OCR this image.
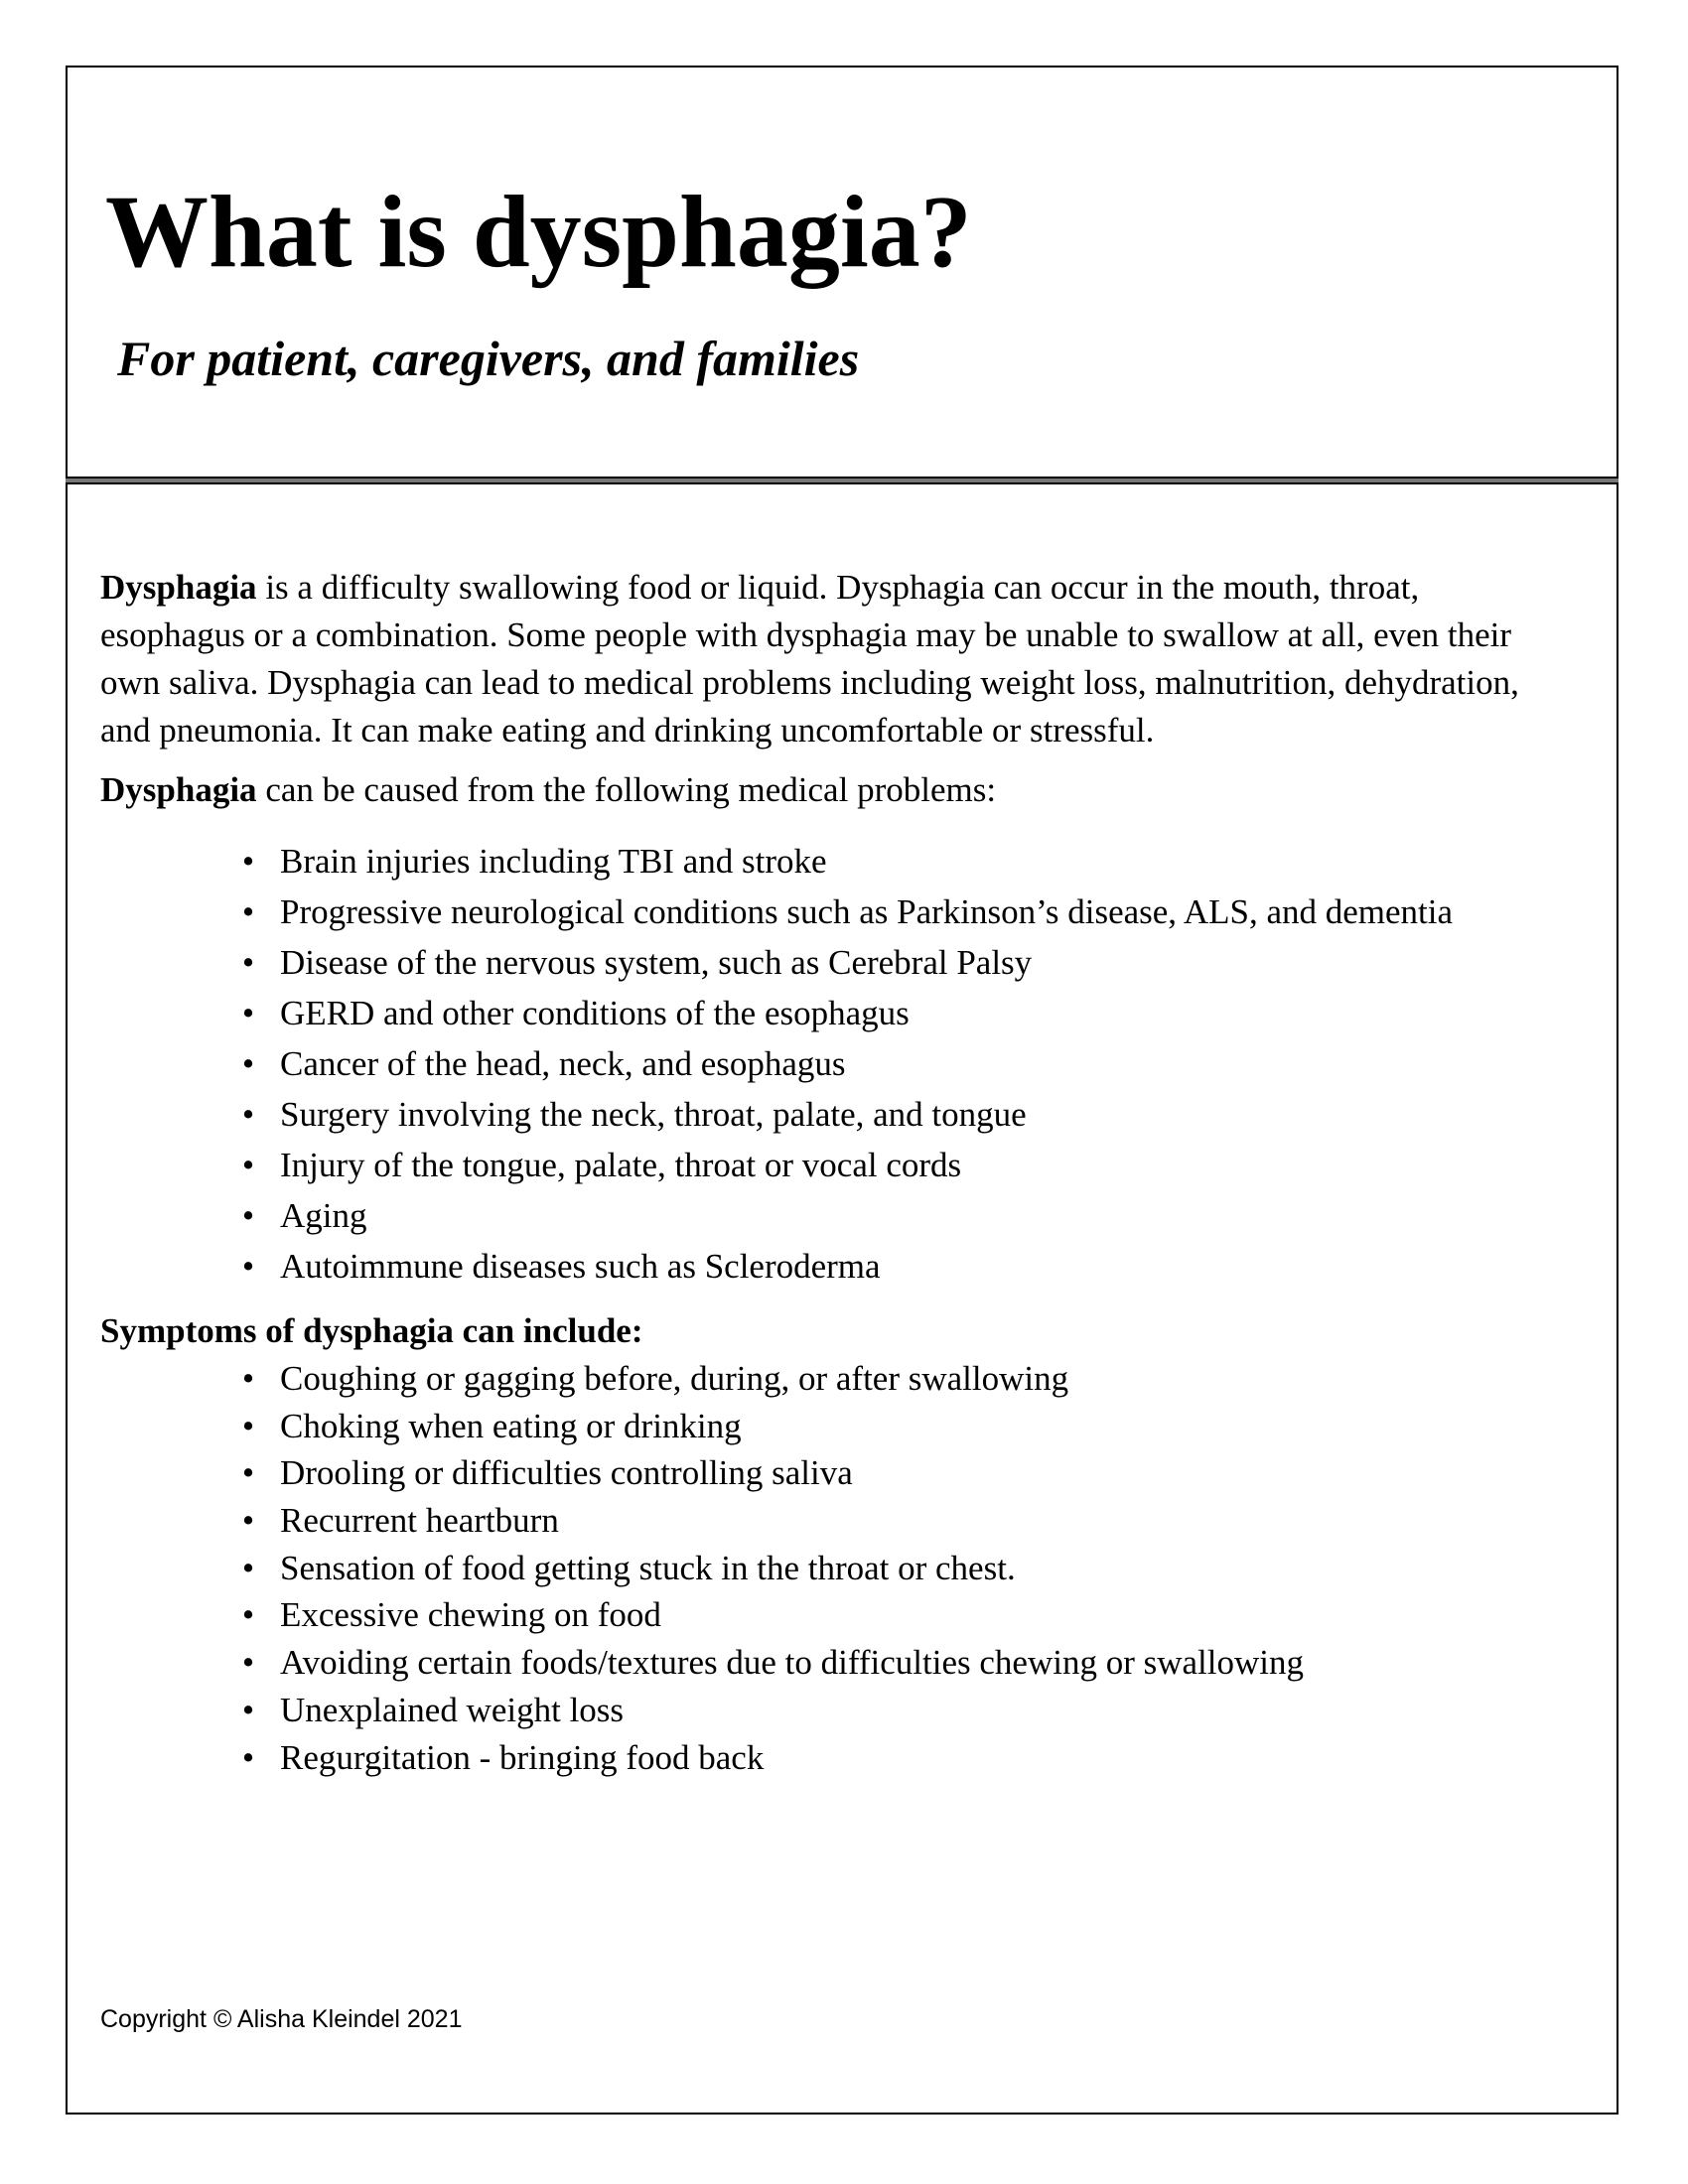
What is dysphagia?

For patient, caregivers, and families

Dysphagia is a difficulty swallowing food or liquid. Dysphagia can occur in the mouth, throat, esophagus or a combination. Some people with dysphagia may be unable to swallow at all, even their own saliva. Dysphagia can lead to medical problems including weight loss, malnutrition, dehydration, and pneumonia. It can make eating and drinking uncomfortable or stressful.

Dysphagia can be caused from the following medical problems:

• Brain injuries including TBI and stroke
• Progressive neurological conditions such as Parkinson’s disease, ALS, and dementia
• Disease of the nervous system, such as Cerebral Palsy
• GERD and other conditions of the esophagus
• Cancer of the head, neck, and esophagus
• Surgery involving the neck, throat, palate, and tongue
• Injury of the tongue, palate, throat or vocal cords
• Aging
• Autoimmune diseases such as Scleroderma

Symptoms of dysphagia can include:

• Coughing or gagging before, during, or after swallowing
• Choking when eating or drinking
• Drooling or difficulties controlling saliva
• Recurrent heartburn
• Sensation of food getting stuck in the throat or chest.
• Excessive chewing on food
• Avoiding certain foods/textures due to difficulties chewing or swallowing
• Unexplained weight loss
• Regurgitation - bringing food back

Copyright © Alisha Kleindel 2021
